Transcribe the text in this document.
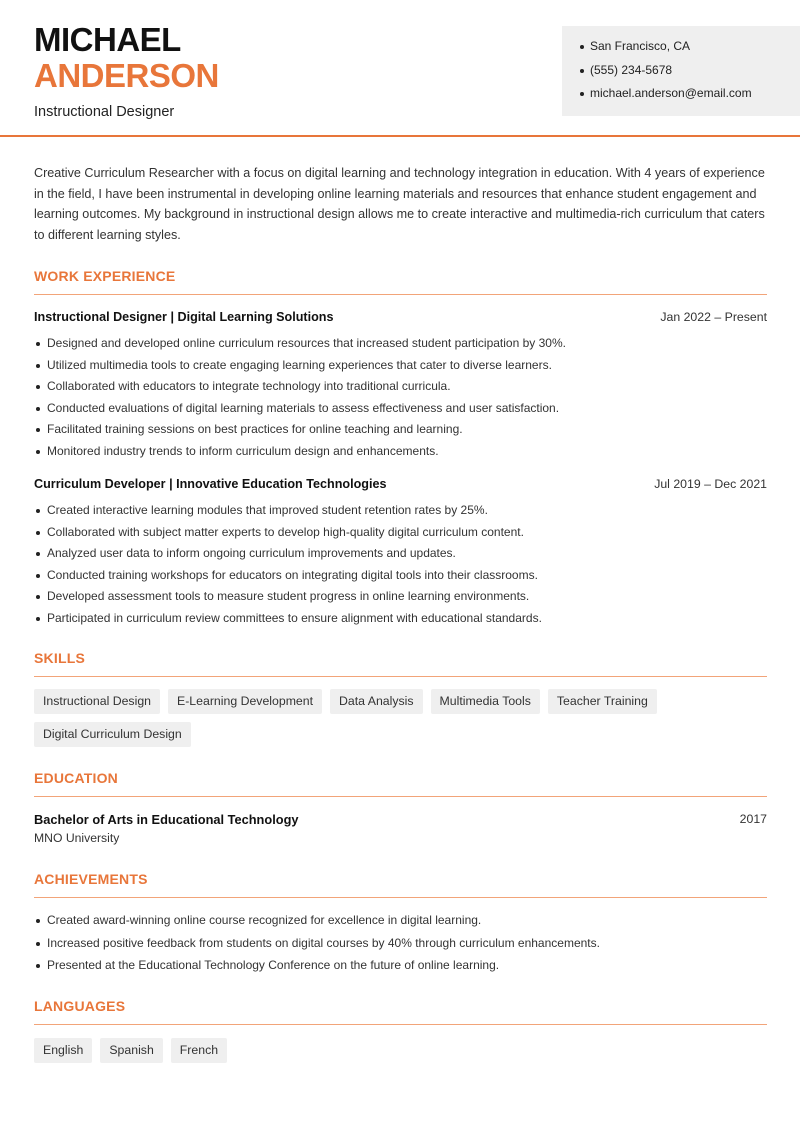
MICHAEL
ANDERSON
Instructional Designer
San Francisco, CA
(555) 234-5678
michael.anderson@email.com

Creative Curriculum Researcher with a focus on digital learning and technology integration in education. With 4 years of experience in the field, I have been instrumental in developing online learning materials and resources that enhance student engagement and learning outcomes. My background in instructional design allows me to create interactive and multimedia-rich curriculum that caters to different learning styles.

WORK EXPERIENCE
Instructional Designer | Digital Learning Solutions	Jan 2022 – Present
Designed and developed online curriculum resources that increased student participation by 30%.
Utilized multimedia tools to create engaging learning experiences that cater to diverse learners.
Collaborated with educators to integrate technology into traditional curricula.
Conducted evaluations of digital learning materials to assess effectiveness and user satisfaction.
Facilitated training sessions on best practices for online teaching and learning.
Monitored industry trends to inform curriculum design and enhancements.
Curriculum Developer | Innovative Education Technologies	Jul 2019 – Dec 2021
Created interactive learning modules that improved student retention rates by 25%.
Collaborated with subject matter experts to develop high-quality digital curriculum content.
Analyzed user data to inform ongoing curriculum improvements and updates.
Conducted training workshops for educators on integrating digital tools into their classrooms.
Developed assessment tools to measure student progress in online learning environments.
Participated in curriculum review committees to ensure alignment with educational standards.
SKILLS
Instructional Design	E-Learning Development	Data Analysis	Multimedia Tools	Teacher Training
Digital Curriculum Design
EDUCATION
Bachelor of Arts in Educational Technology	2017
MNO University
ACHIEVEMENTS
Created award-winning online course recognized for excellence in digital learning.
Increased positive feedback from students on digital courses by 40% through curriculum enhancements.
Presented at the Educational Technology Conference on the future of online learning.
LANGUAGES
English	Spanish	French
